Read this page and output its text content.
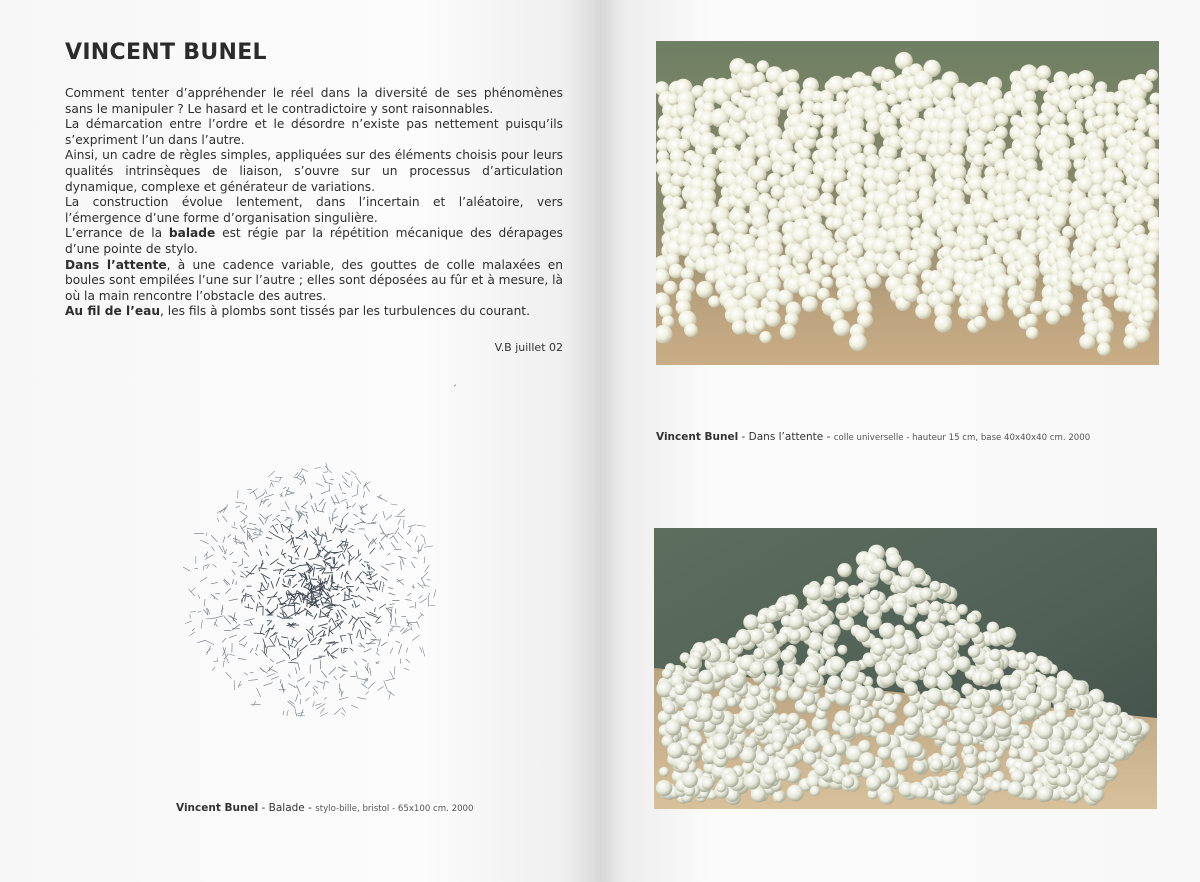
VINCENT BUNEL

Comment tenter d’appréhender le réel dans la diversité de ses phénomènes sans le manipuler ? Le hasard et le contradictoire y sont raisonnables.

La démarcation entre l’ordre et le désordre n’existe pas nettement puisqu’ils s’expriment l’un dans l’autre.

Ainsi, un cadre de règles simples, appliquées sur des éléments choisis pour leurs qualités intrinsèques de liaison, s’ouvre sur un processus d’articulation dynamique, complexe et générateur de variations.

La construction évolue lentement, dans l’incertain et l’aléatoire, vers l’émergence d’une forme d’organisation singulière.

L’errance de la balade est régie par la répétition mécanique des dérapages d’une pointe de stylo.

Dans l’attente, à une cadence variable, des gouttes de colle malaxées en boules sont empilées l’une sur l’autre ; elles sont déposées au fûr et à mesure, là où la main rencontre l’obstacle des autres.

Au fil de l’eau, les fils à plombs sont tissés par les turbulences du courant.

V.B juillet 02
ˏ
Vincent Bunel - Balade - stylo-bille, bristol - 65x100 cm. 2000
Vincent Bunel - Dans l’attente - colle universelle - hauteur 15 cm, base 40x40x40 cm. 2000
